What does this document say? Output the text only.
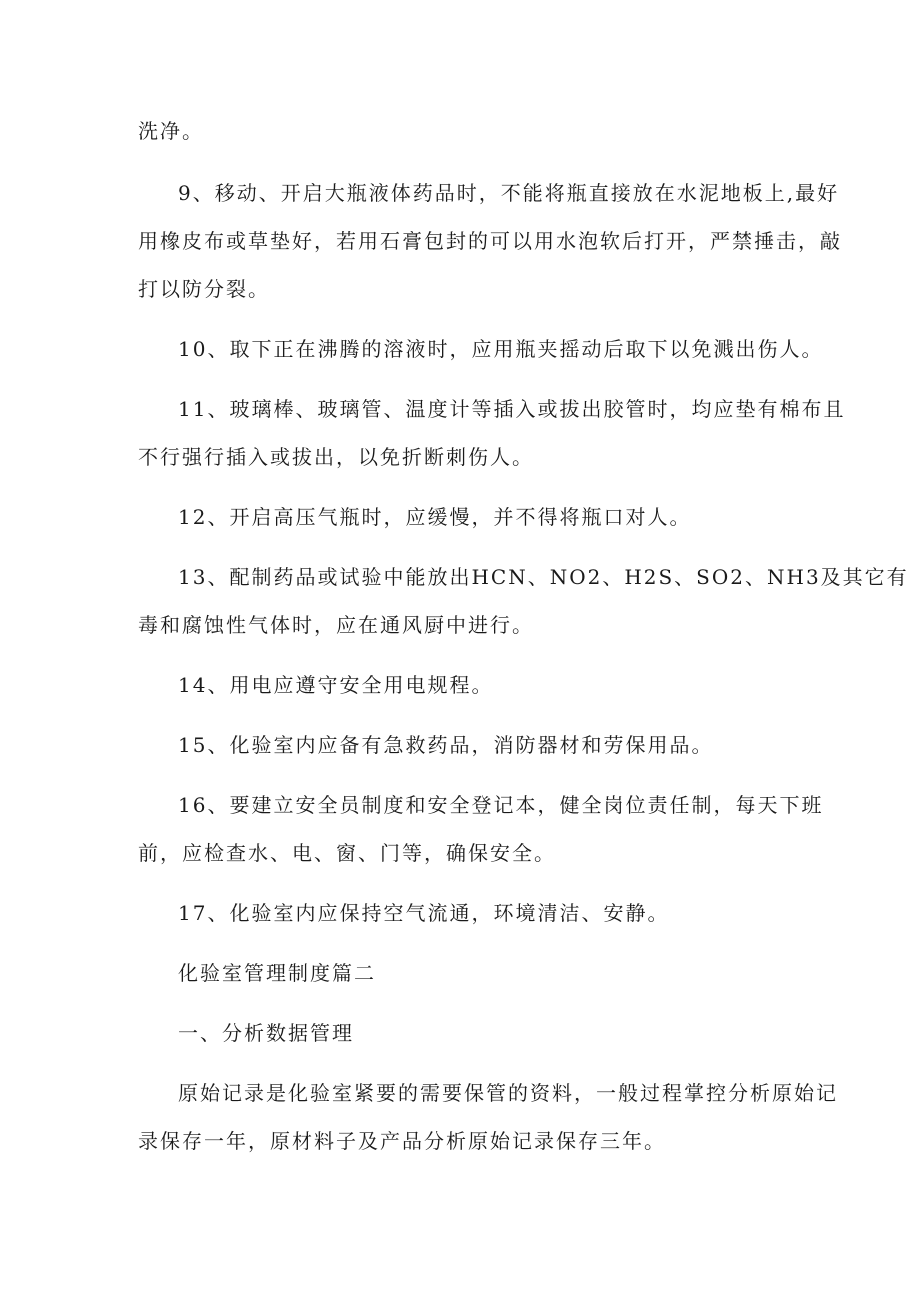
洗净。
9、移动、开启大瓶液体药品时，不能将瓶直接放在水泥地板上,最好
用橡皮布或草垫好，若用石膏包封的可以用水泡软后打开，严禁捶击，敲
打以防分裂。
10、取下正在沸腾的溶液时，应用瓶夹摇动后取下以免溅出伤人。
11、玻璃棒、玻璃管、温度计等插入或拔出胶管时，均应垫有棉布且
不行强行插入或拔出，以免折断刺伤人。
12、开启高压气瓶时，应缓慢，并不得将瓶口对人。
13、配制药品或试验中能放出HCN、NO2、H2S、SO2、NH3及其它有
毒和腐蚀性气体时，应在通风厨中进行。
14、用电应遵守安全用电规程。
15、化验室内应备有急救药品，消防器材和劳保用品。
16、要建立安全员制度和安全登记本，健全岗位责任制，每天下班
前，应检查水、电、窗、门等，确保安全。
17、化验室内应保持空气流通，环境清洁、安静。
化验室管理制度篇二
一、分析数据管理
原始记录是化验室紧要的需要保管的资料，一般过程掌控分析原始记
录保存一年，原材料子及产品分析原始记录保存三年。
